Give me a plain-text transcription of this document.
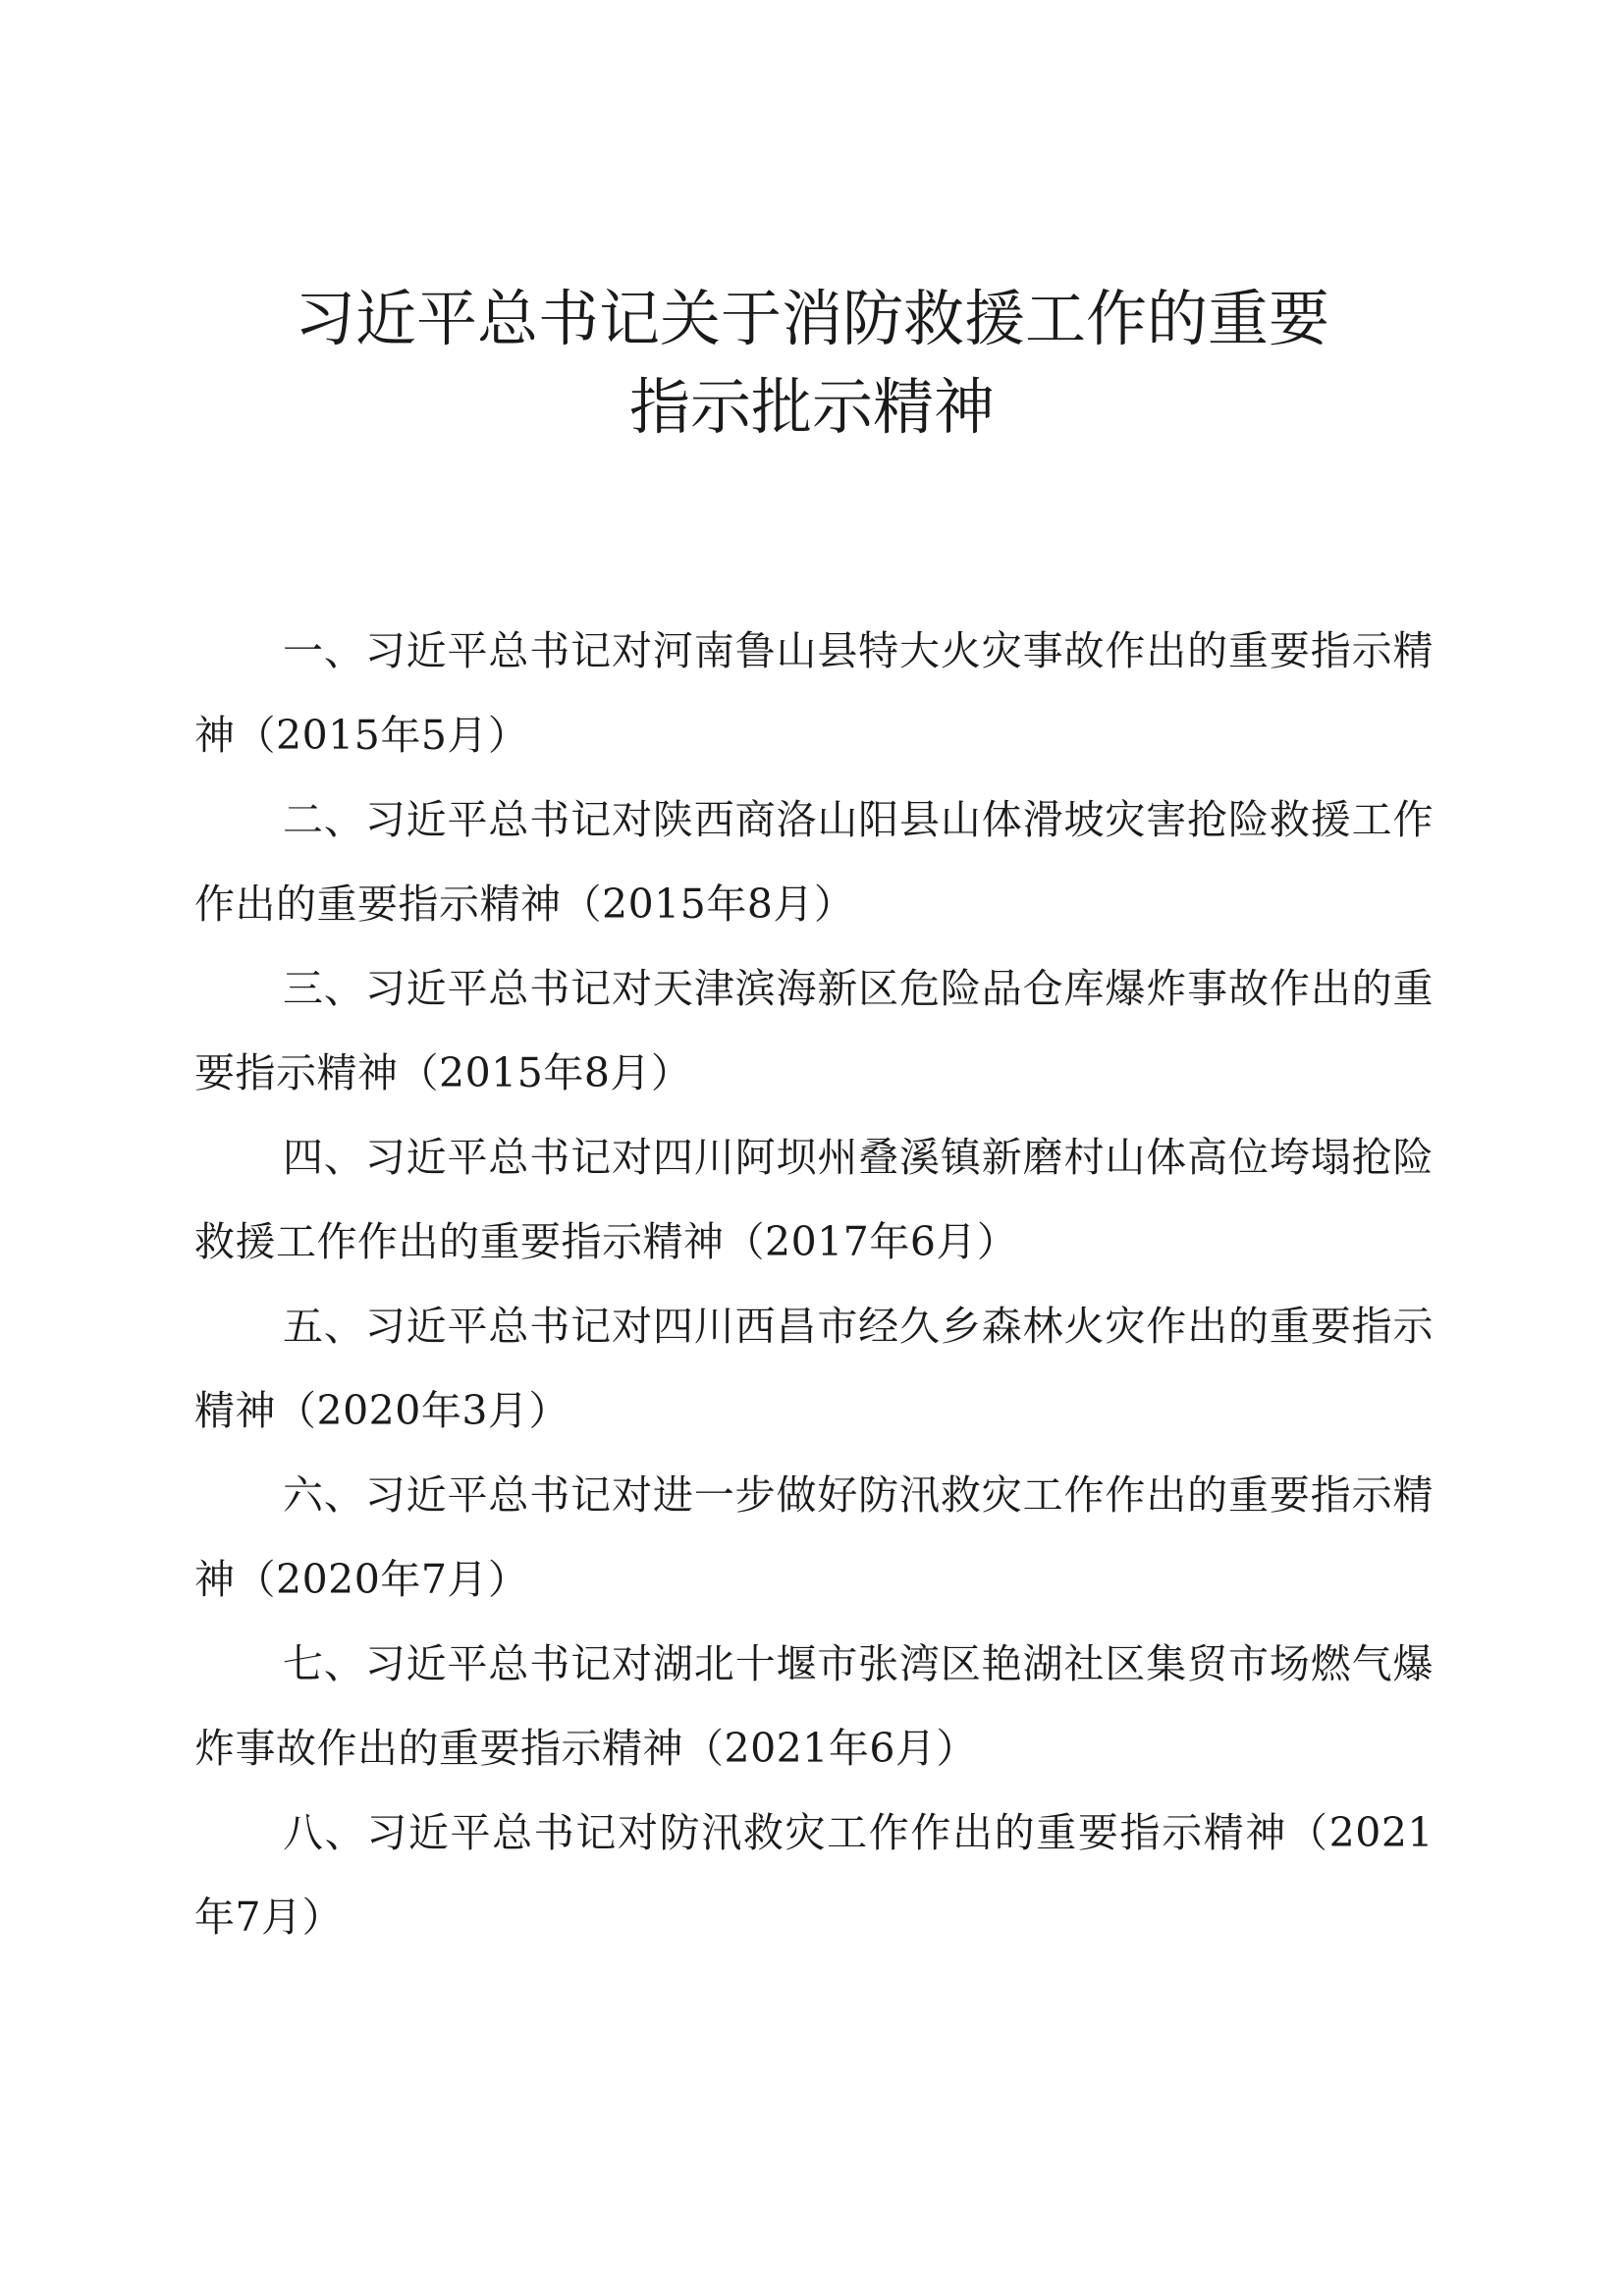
习近平总书记关于消防救援工作的重要
指示批示精神

一、习近平总书记对河南鲁山县特大火灾事故作出的重要指示精神（2015年5月）

二、习近平总书记对陕西商洛山阳县山体滑坡灾害抢险救援工作作出的重要指示精神（2015年8月）

三、习近平总书记对天津滨海新区危险品仓库爆炸事故作出的重要指示精神（2015年8月）

四、习近平总书记对四川阿坝州叠溪镇新磨村山体高位垮塌抢险救援工作作出的重要指示精神（2017年6月）

五、习近平总书记对四川西昌市经久乡森林火灾作出的重要指示精神（2020年3月）

六、习近平总书记对进一步做好防汛救灾工作作出的重要指示精神（2020年7月）

七、习近平总书记对湖北十堰市张湾区艳湖社区集贸市场燃气爆炸事故作出的重要指示精神（2021年6月）

八、习近平总书记对防汛救灾工作作出的重要指示精神（2021年7月）
